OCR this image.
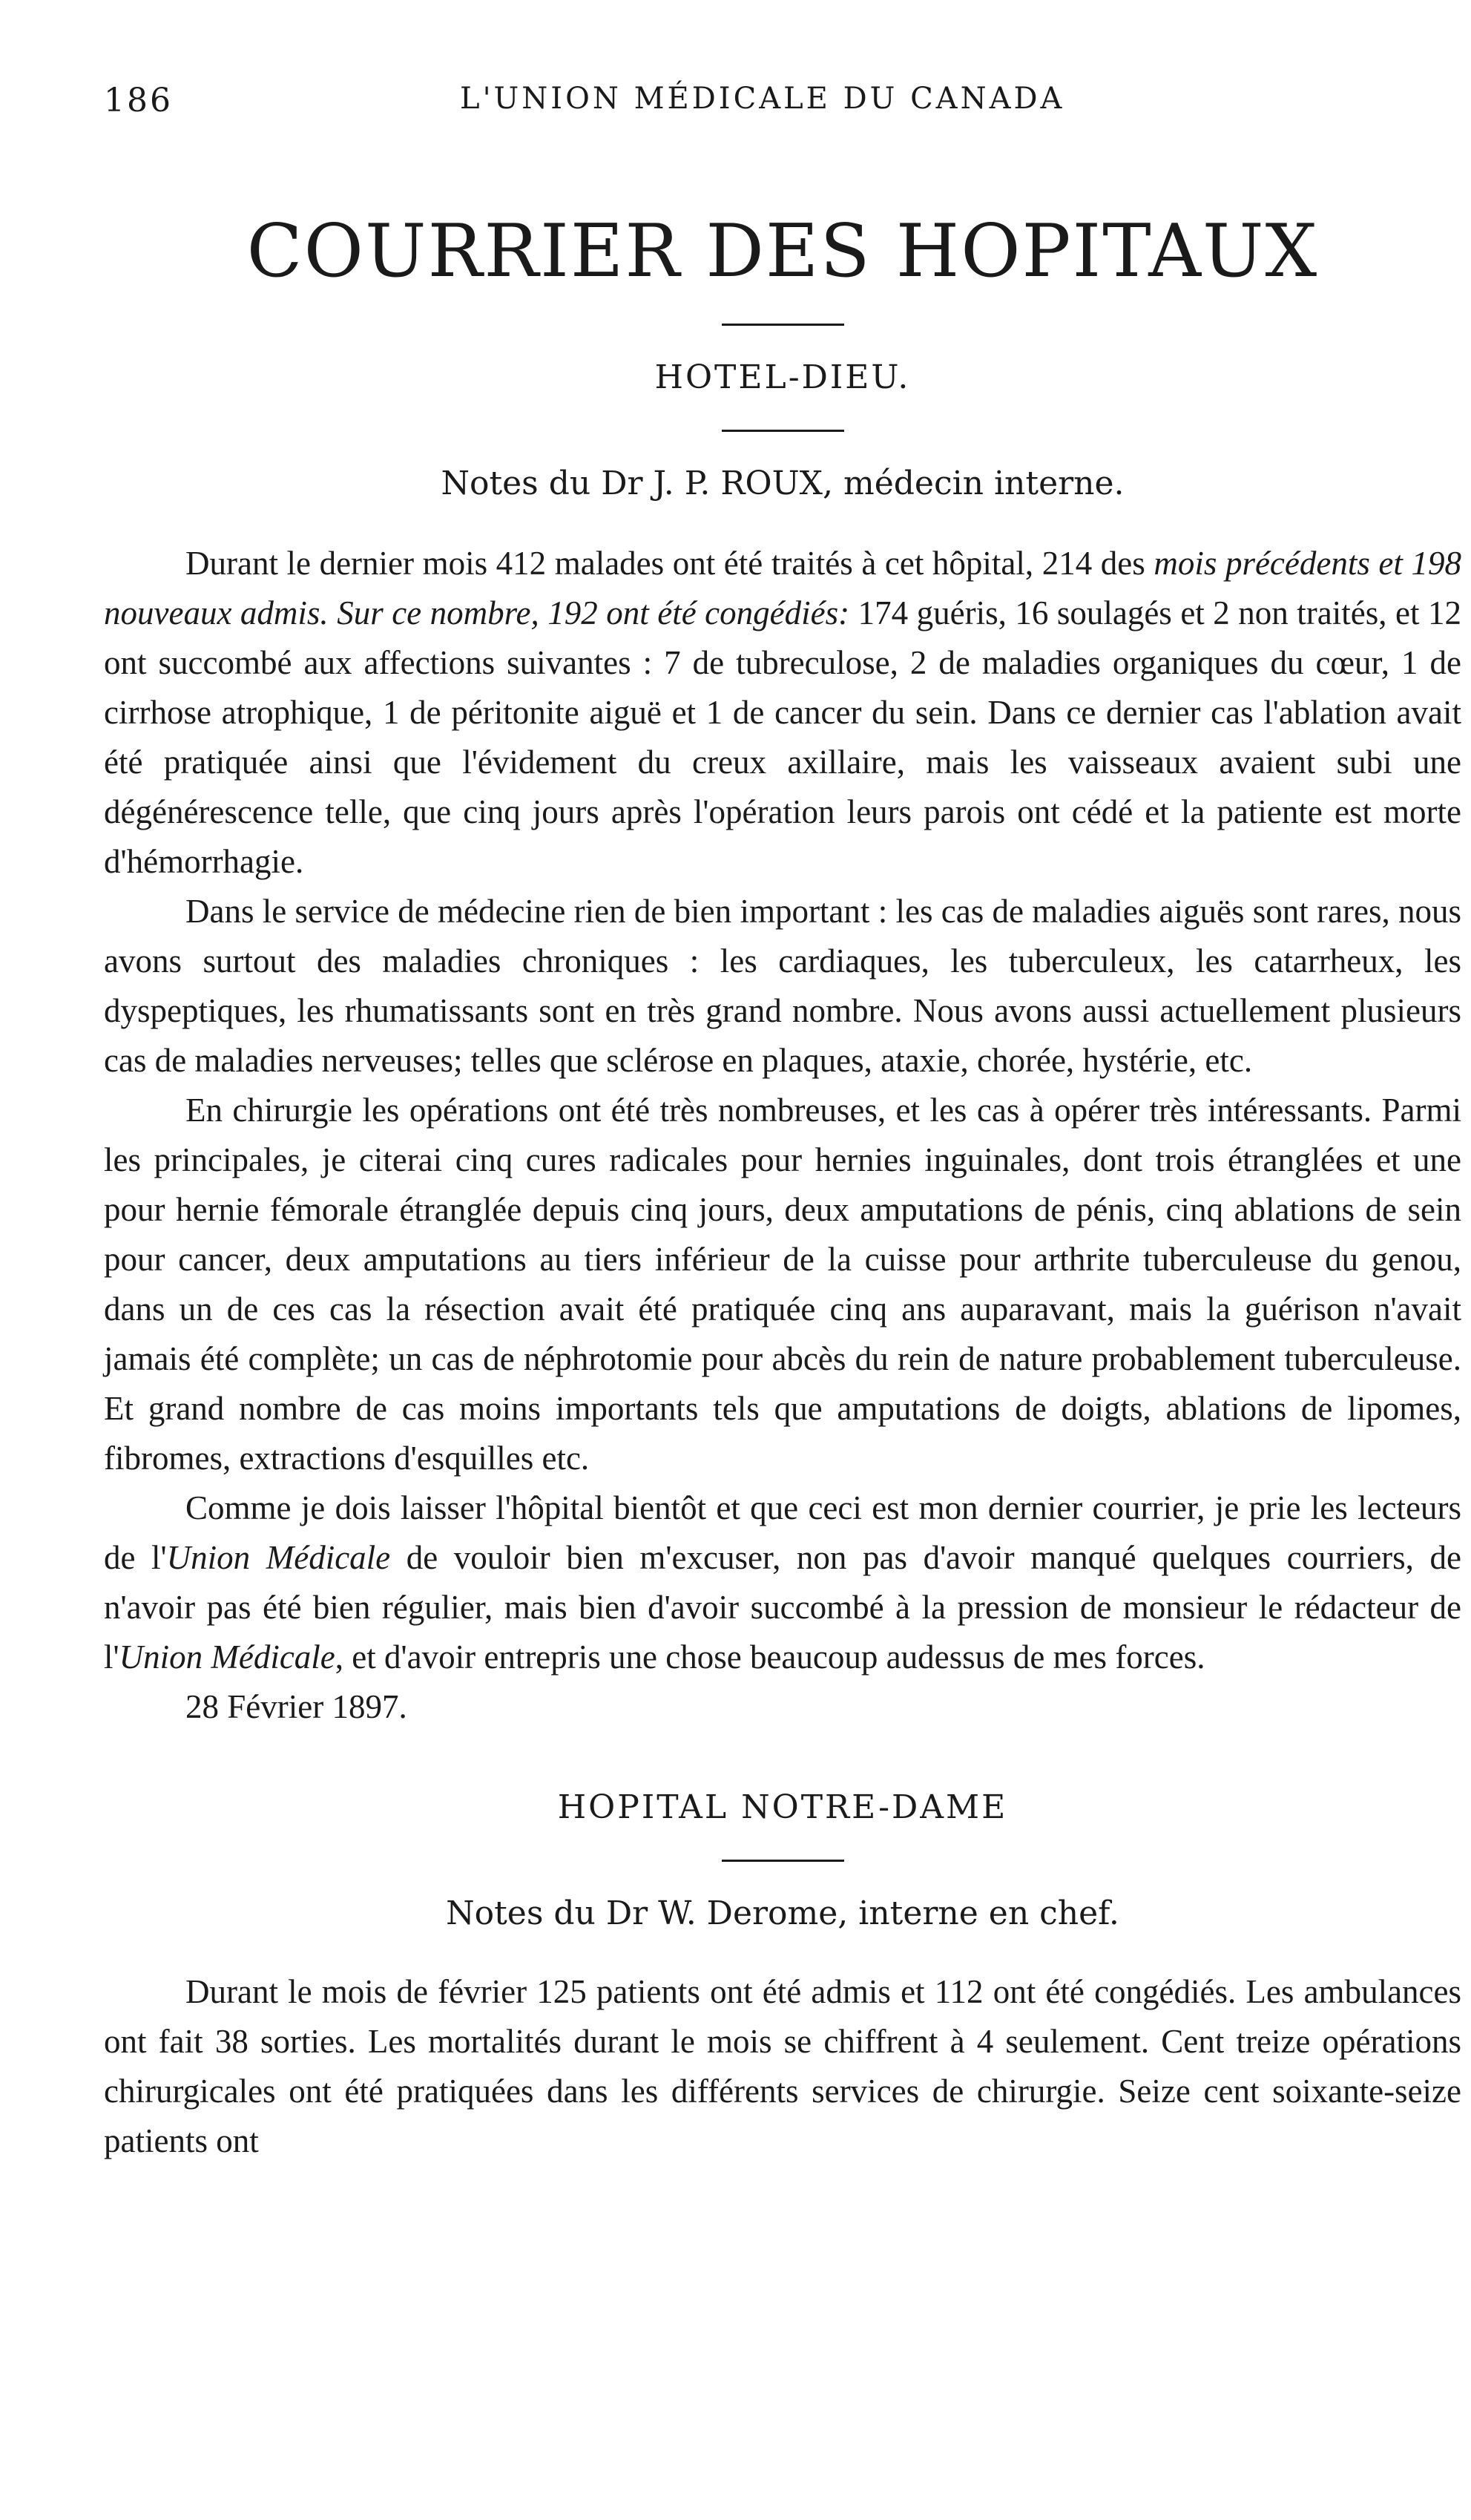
186	L'UNION MÉDICALE DU CANADA
COURRIER DES HOPITAUX
HOTEL-DIEU.
Notes du Dr J. P. ROUX, médecin interne.

Durant le dernier mois 412 malades ont été traités à cet hôpital, 214 des mois précédents et 198 nouveaux admis. Sur ce nombre, 192 ont été congédiés: 174 guéris, 16 soulagés et 2 non traités, et 12 ont succombé aux affections suivantes : 7 de tubreculose, 2 de maladies organiques du cœur, 1 de cirrhose atrophique, 1 de péritonite aiguë et 1 de cancer du sein. Dans ce dernier cas l'ablation avait été pratiquée ainsi que l'évidement du creux axillaire, mais les vaisseaux avaient subi une dégénérescence telle, que cinq jours après l'opération leurs parois ont cédé et la patiente est morte d'hémorrhagie.

Dans le service de médecine rien de bien important : les cas de maladies aiguës sont rares, nous avons surtout des maladies chroniques : les cardiaques, les tuberculeux, les catarrheux, les dyspeptiques, les rhumatissants sont en très grand nombre. Nous avons aussi actuellement plusieurs cas de maladies nerveuses; telles que sclérose en plaques, ataxie, chorée, hystérie, etc.

En chirurgie les opérations ont été très nombreuses, et les cas à opérer très intéressants. Parmi les principales, je citerai cinq cures radicales pour hernies inguinales, dont trois étranglées et une pour hernie fémorale étranglée depuis cinq jours, deux amputations de pénis, cinq ablations de sein pour cancer, deux amputations au tiers inférieur de la cuisse pour arthrite tuberculeuse du genou, dans un de ces cas la résection avait été pratiquée cinq ans auparavant, mais la guérison n'avait jamais été complète; un cas de néphrotomie pour abcès du rein de nature probablement tuberculeuse. Et grand nombre de cas moins importants tels que amputations de doigts, ablations de lipomes, fibromes, extractions d'esquilles etc.

Comme je dois laisser l'hôpital bientôt et que ceci est mon dernier courrier, je prie les lecteurs de l'Union Médicale de vouloir bien m'excuser, non pas d'avoir manqué quelques courriers, de n'avoir pas été bien régulier, mais bien d'avoir succombé à la pression de monsieur le rédacteur de l'Union Médicale, et d'avoir entrepris une chose beaucoup audessus de mes forces.

28 Février 1897.
HOPITAL NOTRE-DAME
Notes du Dr W. Derome, interne en chef.

Durant le mois de février 125 patients ont été admis et 112 ont été congédiés. Les ambulances ont fait 38 sorties. Les mortalités durant le mois se chiffrent à 4 seulement. Cent treize opérations chirurgicales ont été pratiquées dans les différents services de chirurgie. Seize cent soixante-seize patients ont
